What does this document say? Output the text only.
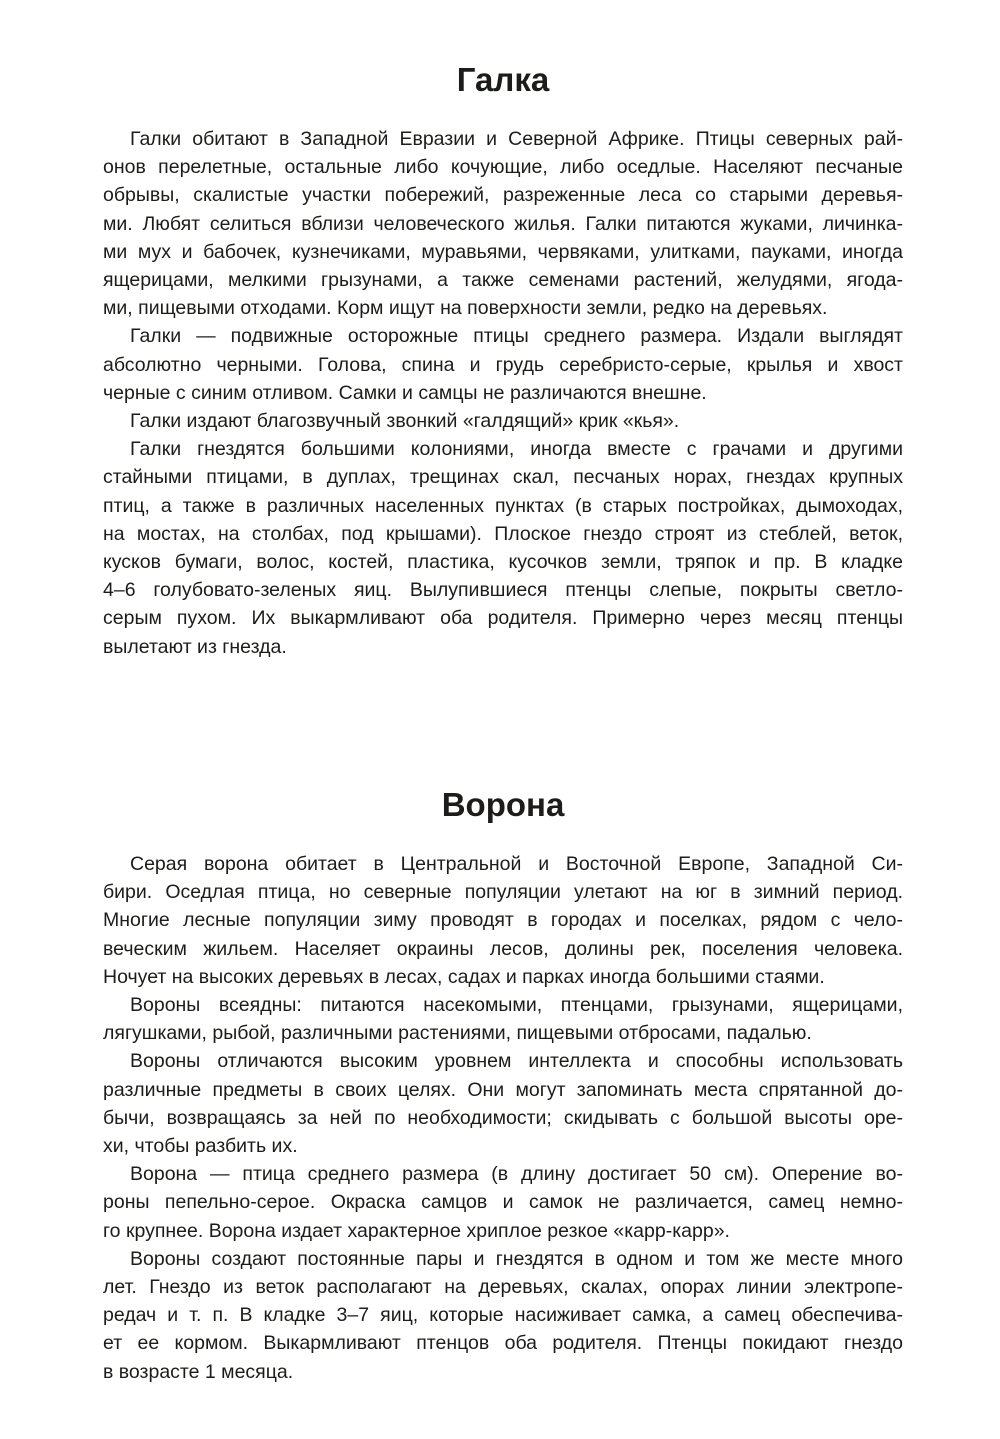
Галка

Галки обитают в Западной Евразии и Северной Африке. Птицы северных рай-
онов перелетные, остальные либо кочующие, либо оседлые. Населяют песчаные
обрывы, скалистые участки побережий, разреженные леса со старыми деревья-
ми. Любят селиться вблизи человеческого жилья. Галки питаются жуками, личинка-
ми мух и бабочек, кузнечиками, муравьями, червяками, улитками, пауками, иногда
ящерицами, мелкими грызунами, а также семенами растений, желудями, ягода-
ми, пищевыми отходами. Корм ищут на поверхности земли, редко на деревьях.

Галки — подвижные осторожные птицы среднего размера. Издали выглядят
абсолютно черными. Голова, спина и грудь серебристо-серые, крылья и хвост
черные с синим отливом. Самки и самцы не различаются внешне.

Галки издают благозвучный звонкий «галдящий» крик «кья».

Галки гнездятся большими колониями, иногда вместе с грачами и другими
стайными птицами, в дуплах, трещинах скал, песчаных норах, гнездах крупных
птиц, а также в различных населенных пунктах (в старых постройках, дымоходах,
на мостах, на столбах, под крышами). Плоское гнездо строят из стеблей, веток,
кусков бумаги, волос, костей, пластика, кусочков земли, тряпок и пр. В кладке
4–6 голубовато-зеленых яиц. Вылупившиеся птенцы слепые, покрыты светло-
серым пухом. Их выкармливают оба родителя. Примерно через месяц птенцы
вылетают из гнезда.

Ворона

Серая ворона обитает в Центральной и Восточной Европе, Западной Си-
бири. Оседлая птица, но северные популяции улетают на юг в зимний период.
Многие лесные популяции зиму проводят в городах и поселках, рядом с чело-
веческим жильем. Населяет окраины лесов, долины рек, поселения человека.
Ночует на высоких деревьях в лесах, садах и парках иногда большими стаями.

Вороны всеядны: питаются насекомыми, птенцами, грызунами, ящерицами,
лягушками, рыбой, различными растениями, пищевыми отбросами, падалью.

Вороны отличаются высоким уровнем интеллекта и способны использовать
различные предметы в своих целях. Они могут запоминать места спрятанной до-
бычи, возвращаясь за ней по необходимости; скидывать с большой высоты оре-
хи, чтобы разбить их.

Ворона — птица среднего размера (в длину достигает 50 см). Оперение во-
роны пепельно-серое. Окраска самцов и самок не различается, самец немно-
го крупнее. Ворона издает характерное хриплое резкое «карр-карр».

Вороны создают постоянные пары и гнездятся в одном и том же месте много
лет. Гнездо из веток располагают на деревьях, скалах, опорах линии электропе-
редач и т. п. В кладке 3–7 яиц, которые насиживает самка, а самец обеспечива-
ет ее кормом. Выкармливают птенцов оба родителя. Птенцы покидают гнездо
в возрасте 1 месяца.
